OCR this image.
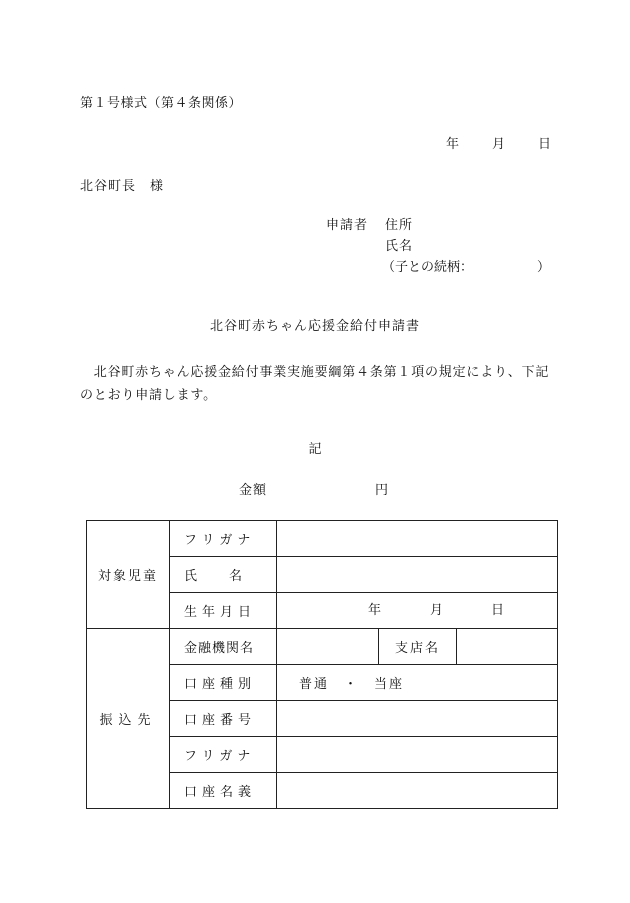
第１号様式（第４条関係）
年	月	日
北谷町長　様
申請者 住所
氏名
（子との続柄：	）
北谷町赤ちゃん応援金給付申請書
　北谷町赤ちゃん応援金給付事業実施要綱第４条第１項の規定により、下記のとおり申請します。
記
金額	円
対象児童	フリガナ			
	氏　　名			
	生年月日	年 月 日		

振込先	金融機関名		支店名	
	口座種別	普通　・　当座		
	口座番号			
	フリガナ			
	口座名義			
